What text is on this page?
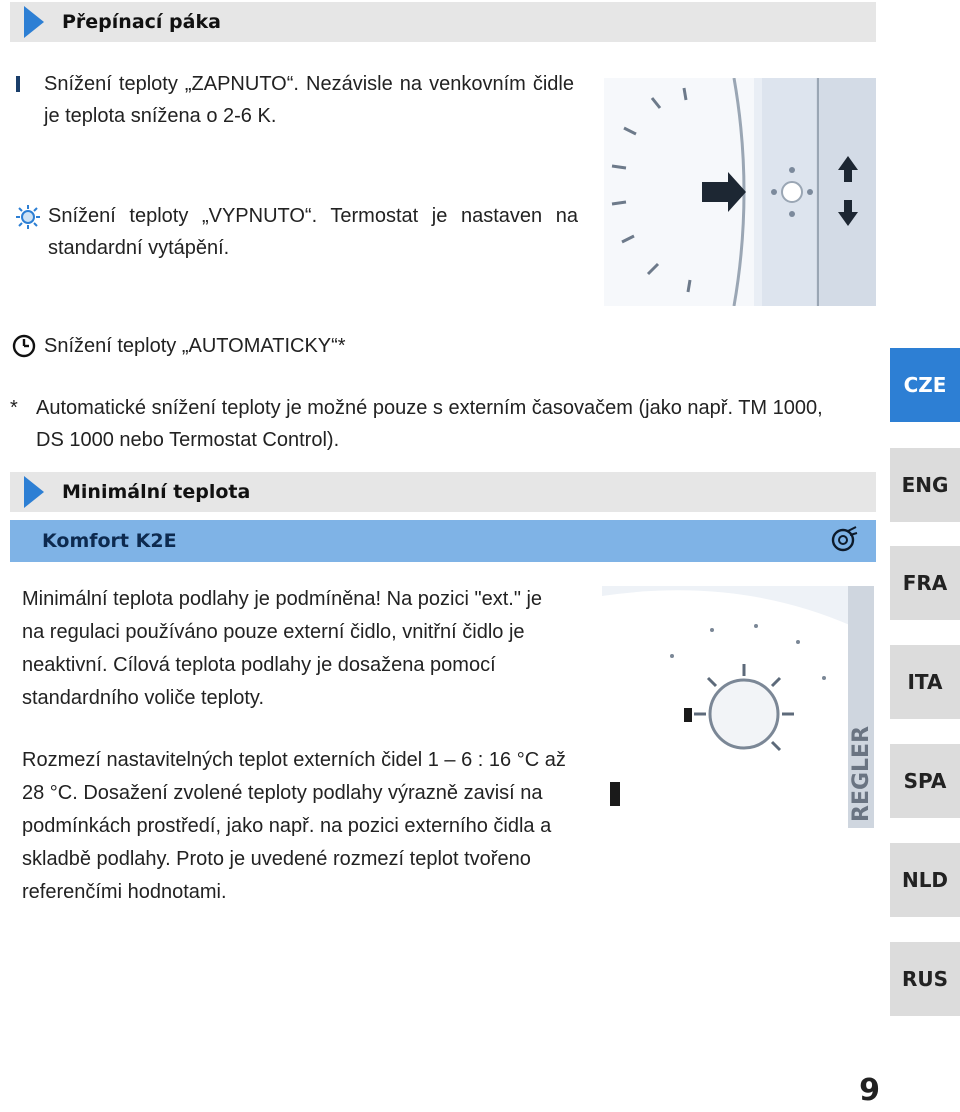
Přepínací páka
Snížení teploty „ZAPNUTO“. Nezávisle na venkovním čidle je teplota snížena o 2-6 K.
Snížení teploty „VYPNUTO“. Termostat je nastaven na standardní vytápění.
Snížení teploty „AUTOMATICKY“*
* Automatické snížení teploty je možné pouze s externím časovačem (jako např. TM 1000, DS 1000 nebo Termostat Control).
Minimální teplota
Komfort K2E
Minimální teplota podlahy je podmíněna! Na pozici "ext." je na regulaci používáno pouze externí čidlo, vnitřní čidlo je neaktivní. Cílová teplota podlahy je dosažena pomocí standardního voliče teploty.
Rozmezí nastavitelných teplot externích čidel 1 – 6 : 16 °C až 28 °C. Dosažení zvolené teploty podlahy výrazně zavisí na podmínkách prostředí, jako např. na pozici externího čidla a skladbě podlahy. Proto je uvedené rozmezí teplot tvořeno referenčími hodnotami.
REGLER
CZE
ENG
FRA
ITA
SPA
NLD
RUS
9
